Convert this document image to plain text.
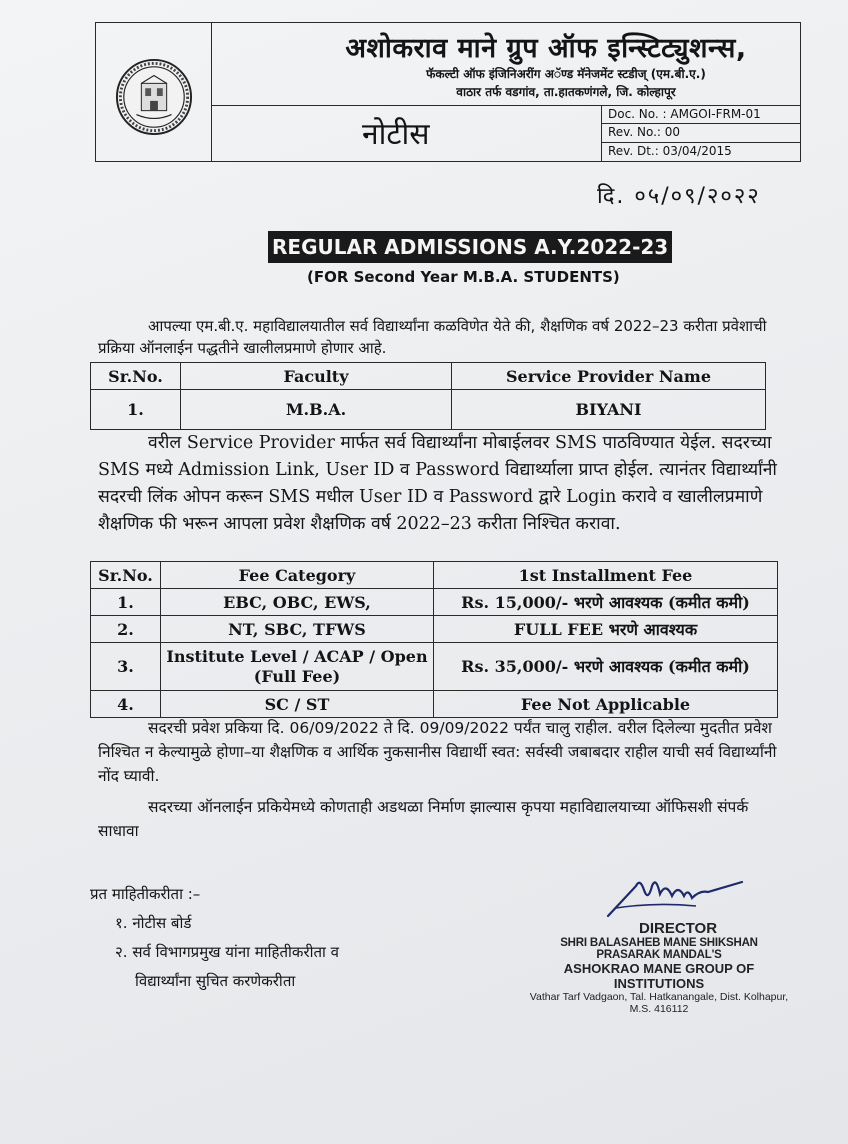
अशोकराव माने ग्रुप ऑफ इन्स्टिट्युशन्स,
फॅकल्टी ऑफ इंजिनिअरींग अॅण्ड मॅनेजमेंट स्टडीज् (एम.बी.ए.)
वाठार तर्फ वडगांव, ता.हातकणंगले, जि. कोल्हापूर
नोटीस
Doc. No. : AMGOI-FRM-01
Rev. No.: 00
Rev. Dt.: 03/04/2015
दि. ०५/०९/२०२२
REGULAR ADMISSIONS A.Y.2022-23
(FOR Second Year M.B.A. STUDENTS)
आपल्या एम.बी.ए. महाविद्यालयातील सर्व विद्यार्थ्यांना कळविणेत येते की, शैक्षणिक वर्ष 2022–23 करीता प्रवेशाची प्रक्रिया ऑनलाईन पद्धतीने खालीलप्रमाणे होणार आहे.
Sr.No.	Faculty	Service Provider Name
1.	M.B.A.	BIYANI
वरील Service Provider मार्फत सर्व विद्यार्थ्यांना मोबाईलवर SMS पाठविण्यात येईल. सदरच्या SMS मध्ये Admission Link, User ID व Password विद्यार्थ्याला प्राप्त होईल. त्यानंतर विद्यार्थ्यांनी सदरची लिंक ओपन करून SMS मधील User ID व Password द्वारे Login करावे व खालीलप्रमाणे शैक्षणिक फी भरून आपला प्रवेश शैक्षणिक वर्ष 2022–23 करीता निश्चित करावा.
Sr.No.	Fee Category	1st Installment Fee
1.	EBC, OBC, EWS,	Rs. 15,000/- भरणे आवश्यक (कमीत कमी)
2.	NT, SBC, TFWS	FULL FEE भरणे आवश्यक
3.	Institute Level / ACAP / Open (Full Fee)	Rs. 35,000/- भरणे आवश्यक (कमीत कमी)
4.	SC / ST	Fee Not Applicable
सदरची प्रवेश प्रकिया दि. 06/09/2022 ते दि. 09/09/2022 पर्यंत चालु राहील. वरील दिलेल्या मुदतीत प्रवेश निश्चित न केल्यामुळे होणा–या शैक्षणिक व आर्थिक नुकसानीस विद्यार्थी स्वत: सर्वस्वी जबाबदार राहील याची सर्व विद्यार्थ्यांनी नोंद घ्यावी.
सदरच्या ऑनलाईन प्रकियेमध्ये कोणताही अडथळा निर्माण झाल्यास कृपया महाविद्यालयाच्या ऑफिसशी संपर्क साधावा
प्रत माहितीकरीता :–
१. नोटीस बोर्ड
२. सर्व विभागप्रमुख यांना माहितीकरीता व
विद्यार्थ्यांना सुचित करणेकरीता
DIRECTOR
SHRI BALASAHEB MANE SHIKSHAN PRASARAK MANDAL'S
ASHOKRAO MANE GROUP OF INSTITUTIONS
Vathar Tarf Vadgaon, Tal. Hatkanangale, Dist. Kolhapur, M.S. 416112
